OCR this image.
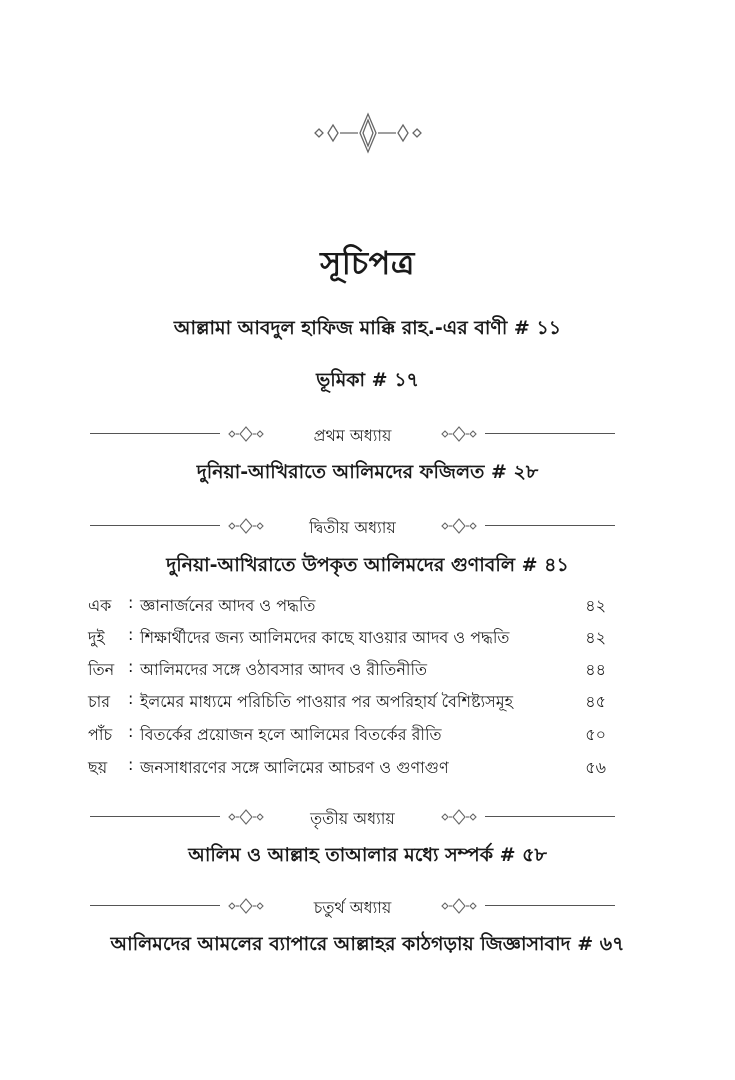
সূচিপত্র
আল্লামা আবদুল হাফিজ মাক্কি রাহ.-এর বাণী # ১১
ভূমিকা # ১৭
প্রথম অধ্যায়
দুনিয়া-আখিরাতে আলিমদের ফজিলত # ২৮
দ্বিতীয় অধ্যায়
দুনিয়া-আখিরাতে উপকৃত আলিমদের গুণাবলি # ৪১
এক : জ্ঞানার্জনের আদব ও পদ্ধতি	৪২
দুই : শিক্ষার্থীদের জন্য আলিমদের কাছে যাওয়ার আদব ও পদ্ধতি	৪২
তিন : আলিমদের সঙ্গে ওঠাবসার আদব ও রীতিনীতি	৪৪
চার : ইলমের মাধ্যমে পরিচিতি পাওয়ার পর অপরিহার্য বৈশিষ্ট্যসমূহ	৪৫
পাঁচ : বিতর্কের প্রয়োজন হলে আলিমের বিতর্কের রীতি	৫০
ছয় : জনসাধারণের সঙ্গে আলিমের আচরণ ও গুণাগুণ	৫৬
তৃতীয় অধ্যায়
আলিম ও আল্লাহ তাআলার মধ্যে সম্পর্ক # ৫৮
চতুর্থ অধ্যায়
আলিমদের আমলের ব্যাপারে আল্লাহর কাঠগড়ায় জিজ্ঞাসাবাদ # ৬৭
